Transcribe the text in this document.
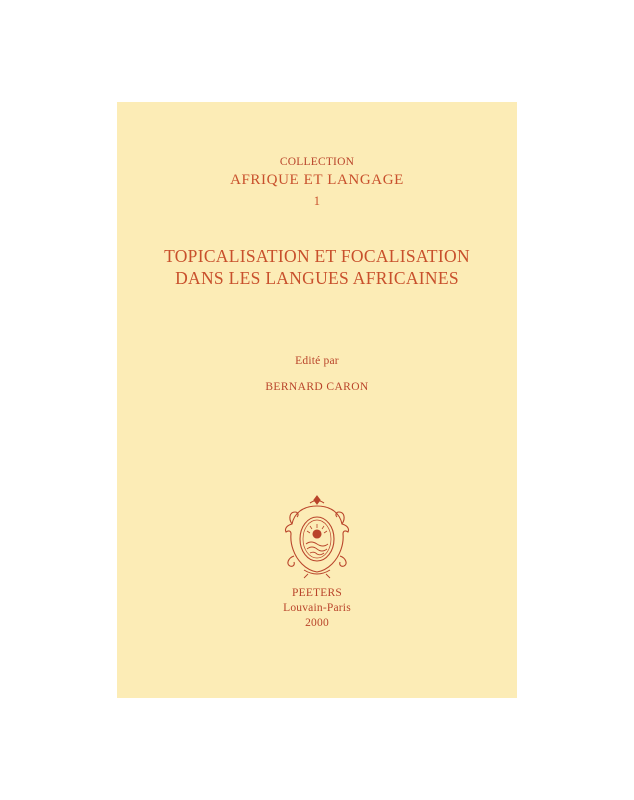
COLLECTION
AFRIQUE ET LANGAGE
1
TOPICALISATION ET FOCALISATION
DANS LES LANGUES AFRICAINES
Edité par
BERNARD CARON
PEETERS
Louvain-Paris
2000
